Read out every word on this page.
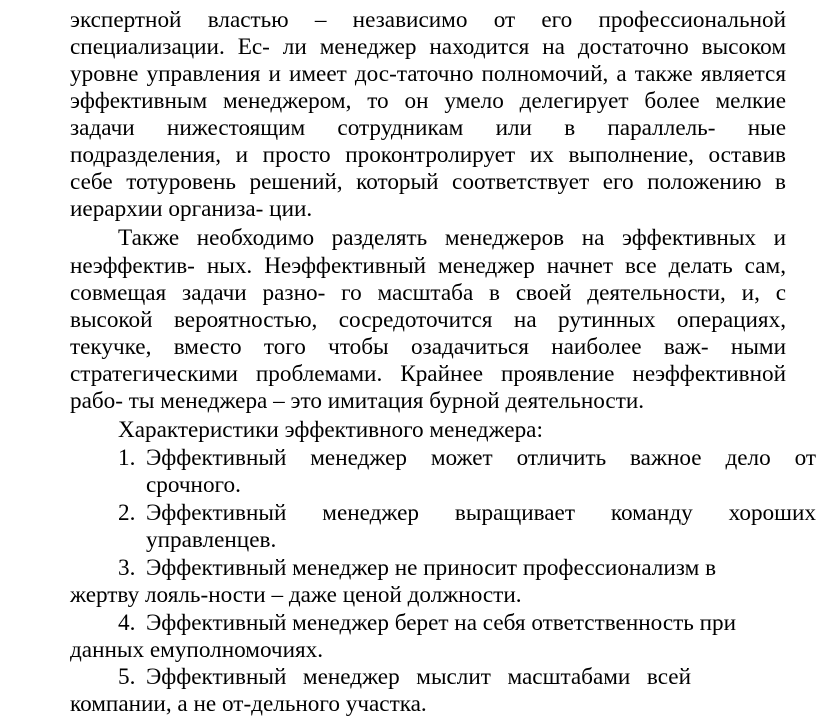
экспертной властью – независимо от его профессиональной
специализации. Ес- ли менеджер находится на достаточно высоком
уровне управления и имеет дос-таточно полномочий, а также является
эффективным менеджером, то он умело делегирует более мелкие
задачи нижестоящим сотрудникам или в параллель- ные
подразделения, и просто проконтролирует их выполнение, оставив
себе тотуровень решений, который соответствует его положению в
иерархии организа- ции.
Также необходимо разделять менеджеров на эффективных и
неэффектив- ных. Неэффективный менеджер начнет все делать сам,
совмещая задачи разно- го масштаба в своей деятельности, и, с
высокой вероятностью, сосредоточится на рутинных операциях,
текучке, вместо того чтобы озадачиться наиболее важ- ными
стратегическими проблемами. Крайнее проявление неэффективной
рабо- ты менеджера – это имитация бурной деятельности.
Характеристики эффективного менеджера:
1. Эффективный менеджер может отличить важное дело от
срочного.
2. Эффективный менеджер выращивает команду хороших
управленцев.
3. Эффективный менеджер не приносит профессионализм в
жертву лояль-ности – даже ценой должности.
4. Эффективный менеджер берет на себя ответственность при
данных емуполномочиях.
5. Эффективный менеджер мыслит масштабами всей
компании, а не от-дельного участка.
